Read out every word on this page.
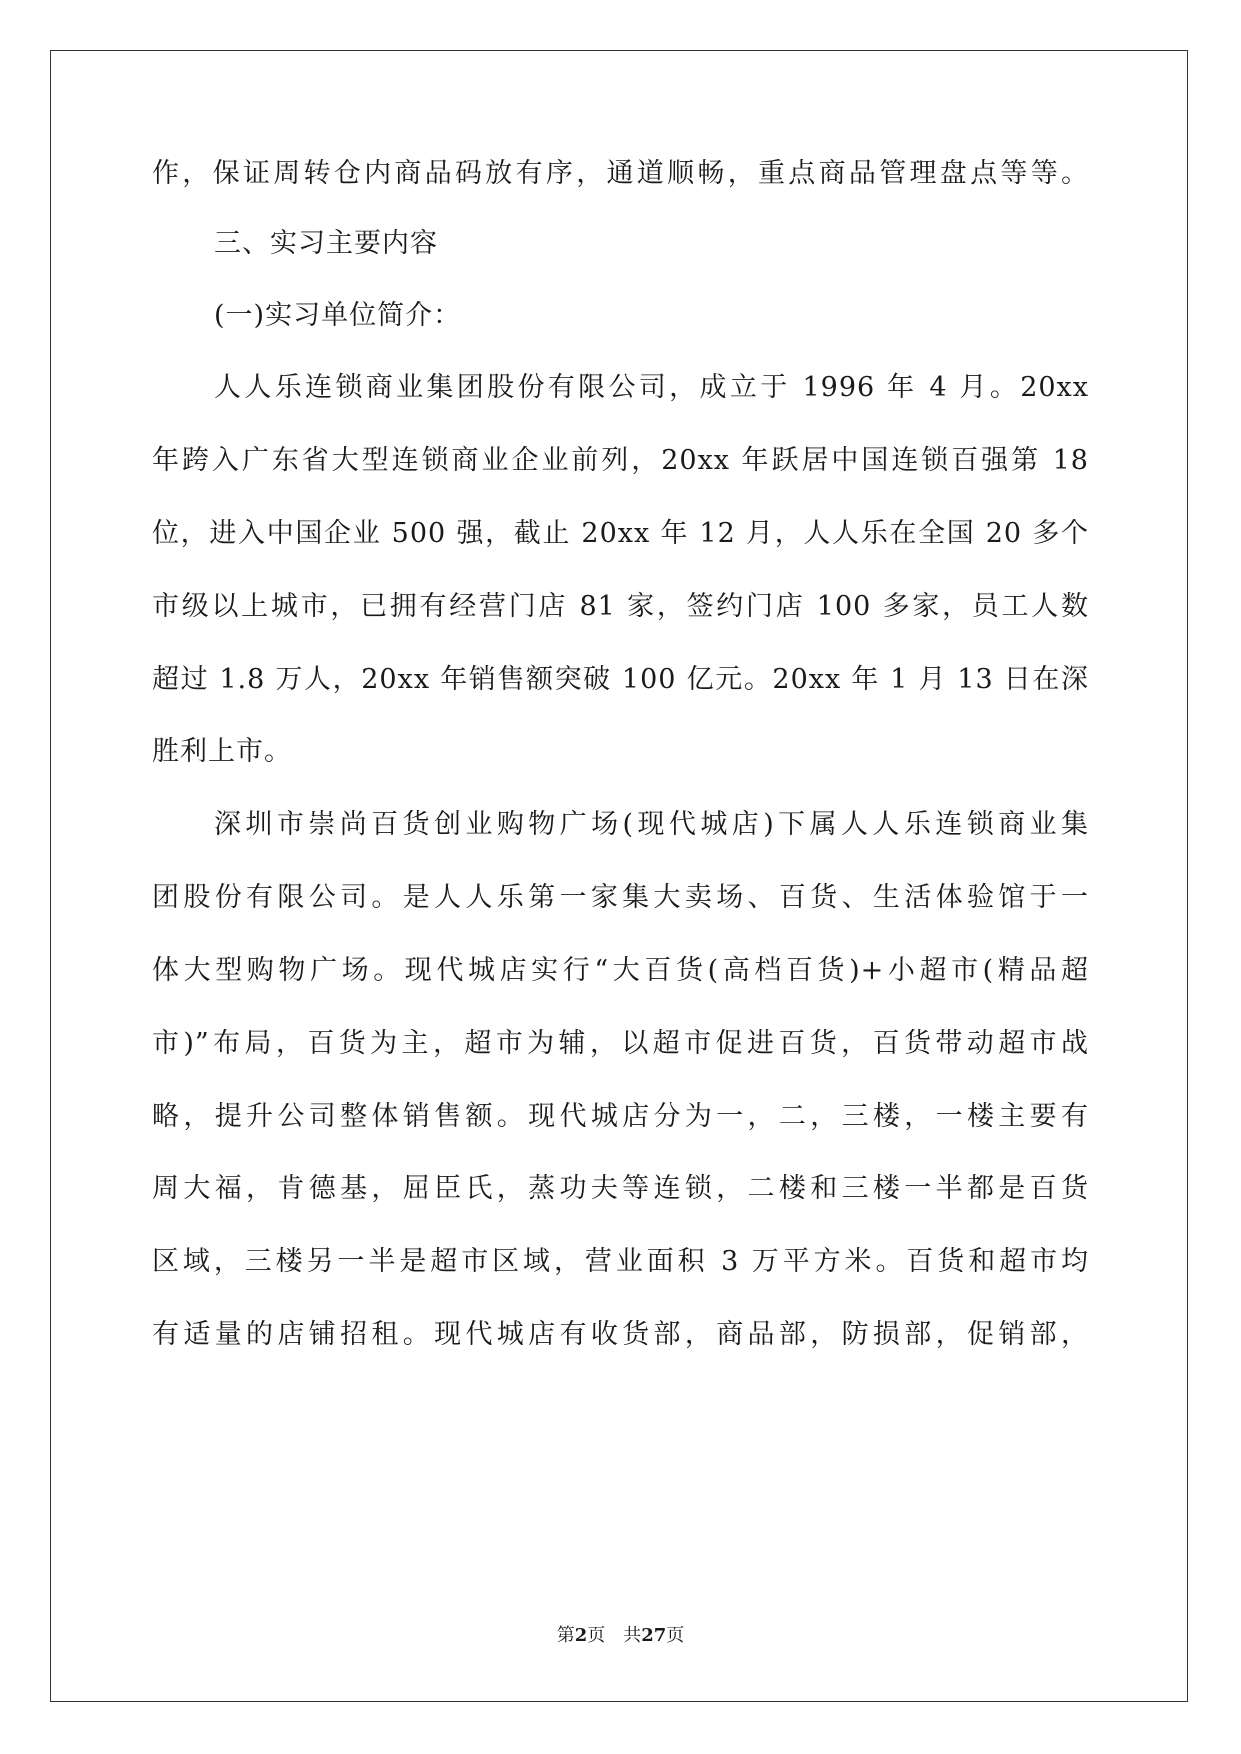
作，保证周转仓内商品码放有序，通道顺畅，重点商品管理盘点等等。
三、实习主要内容
(一)实习单位简介：
人人乐连锁商业集团股份有限公司，成立于 1996 年 4 月。20xx
年跨入广东省大型连锁商业企业前列，20xx 年跃居中国连锁百强第 18
位，进入中国企业 500 强，截止 20xx 年 12 月，人人乐在全国 20 多个
市级以上城市，已拥有经营门店 81 家，签约门店 100 多家，员工人数
超过 1.8 万人，20xx 年销售额突破 100 亿元。20xx 年 1 月 13 日在深
胜利上市。
深圳市崇尚百货创业购物广场(现代城店)下属人人乐连锁商业集
团股份有限公司。是人人乐第一家集大卖场、百货、生活体验馆于一
体大型购物广场。现代城店实行“大百货(高档百货)+小超市(精品超
市)”布局，百货为主，超市为辅，以超市促进百货，百货带动超市战
略，提升公司整体销售额。现代城店分为一，二，三楼，一楼主要有
周大福，肯德基，屈臣氏，蒸功夫等连锁，二楼和三楼一半都是百货
区域，三楼另一半是超市区域，营业面积 3 万平方米。百货和超市均
有适量的店铺招租。现代城店有收货部，商品部，防损部，促销部，
第2页 共27页
